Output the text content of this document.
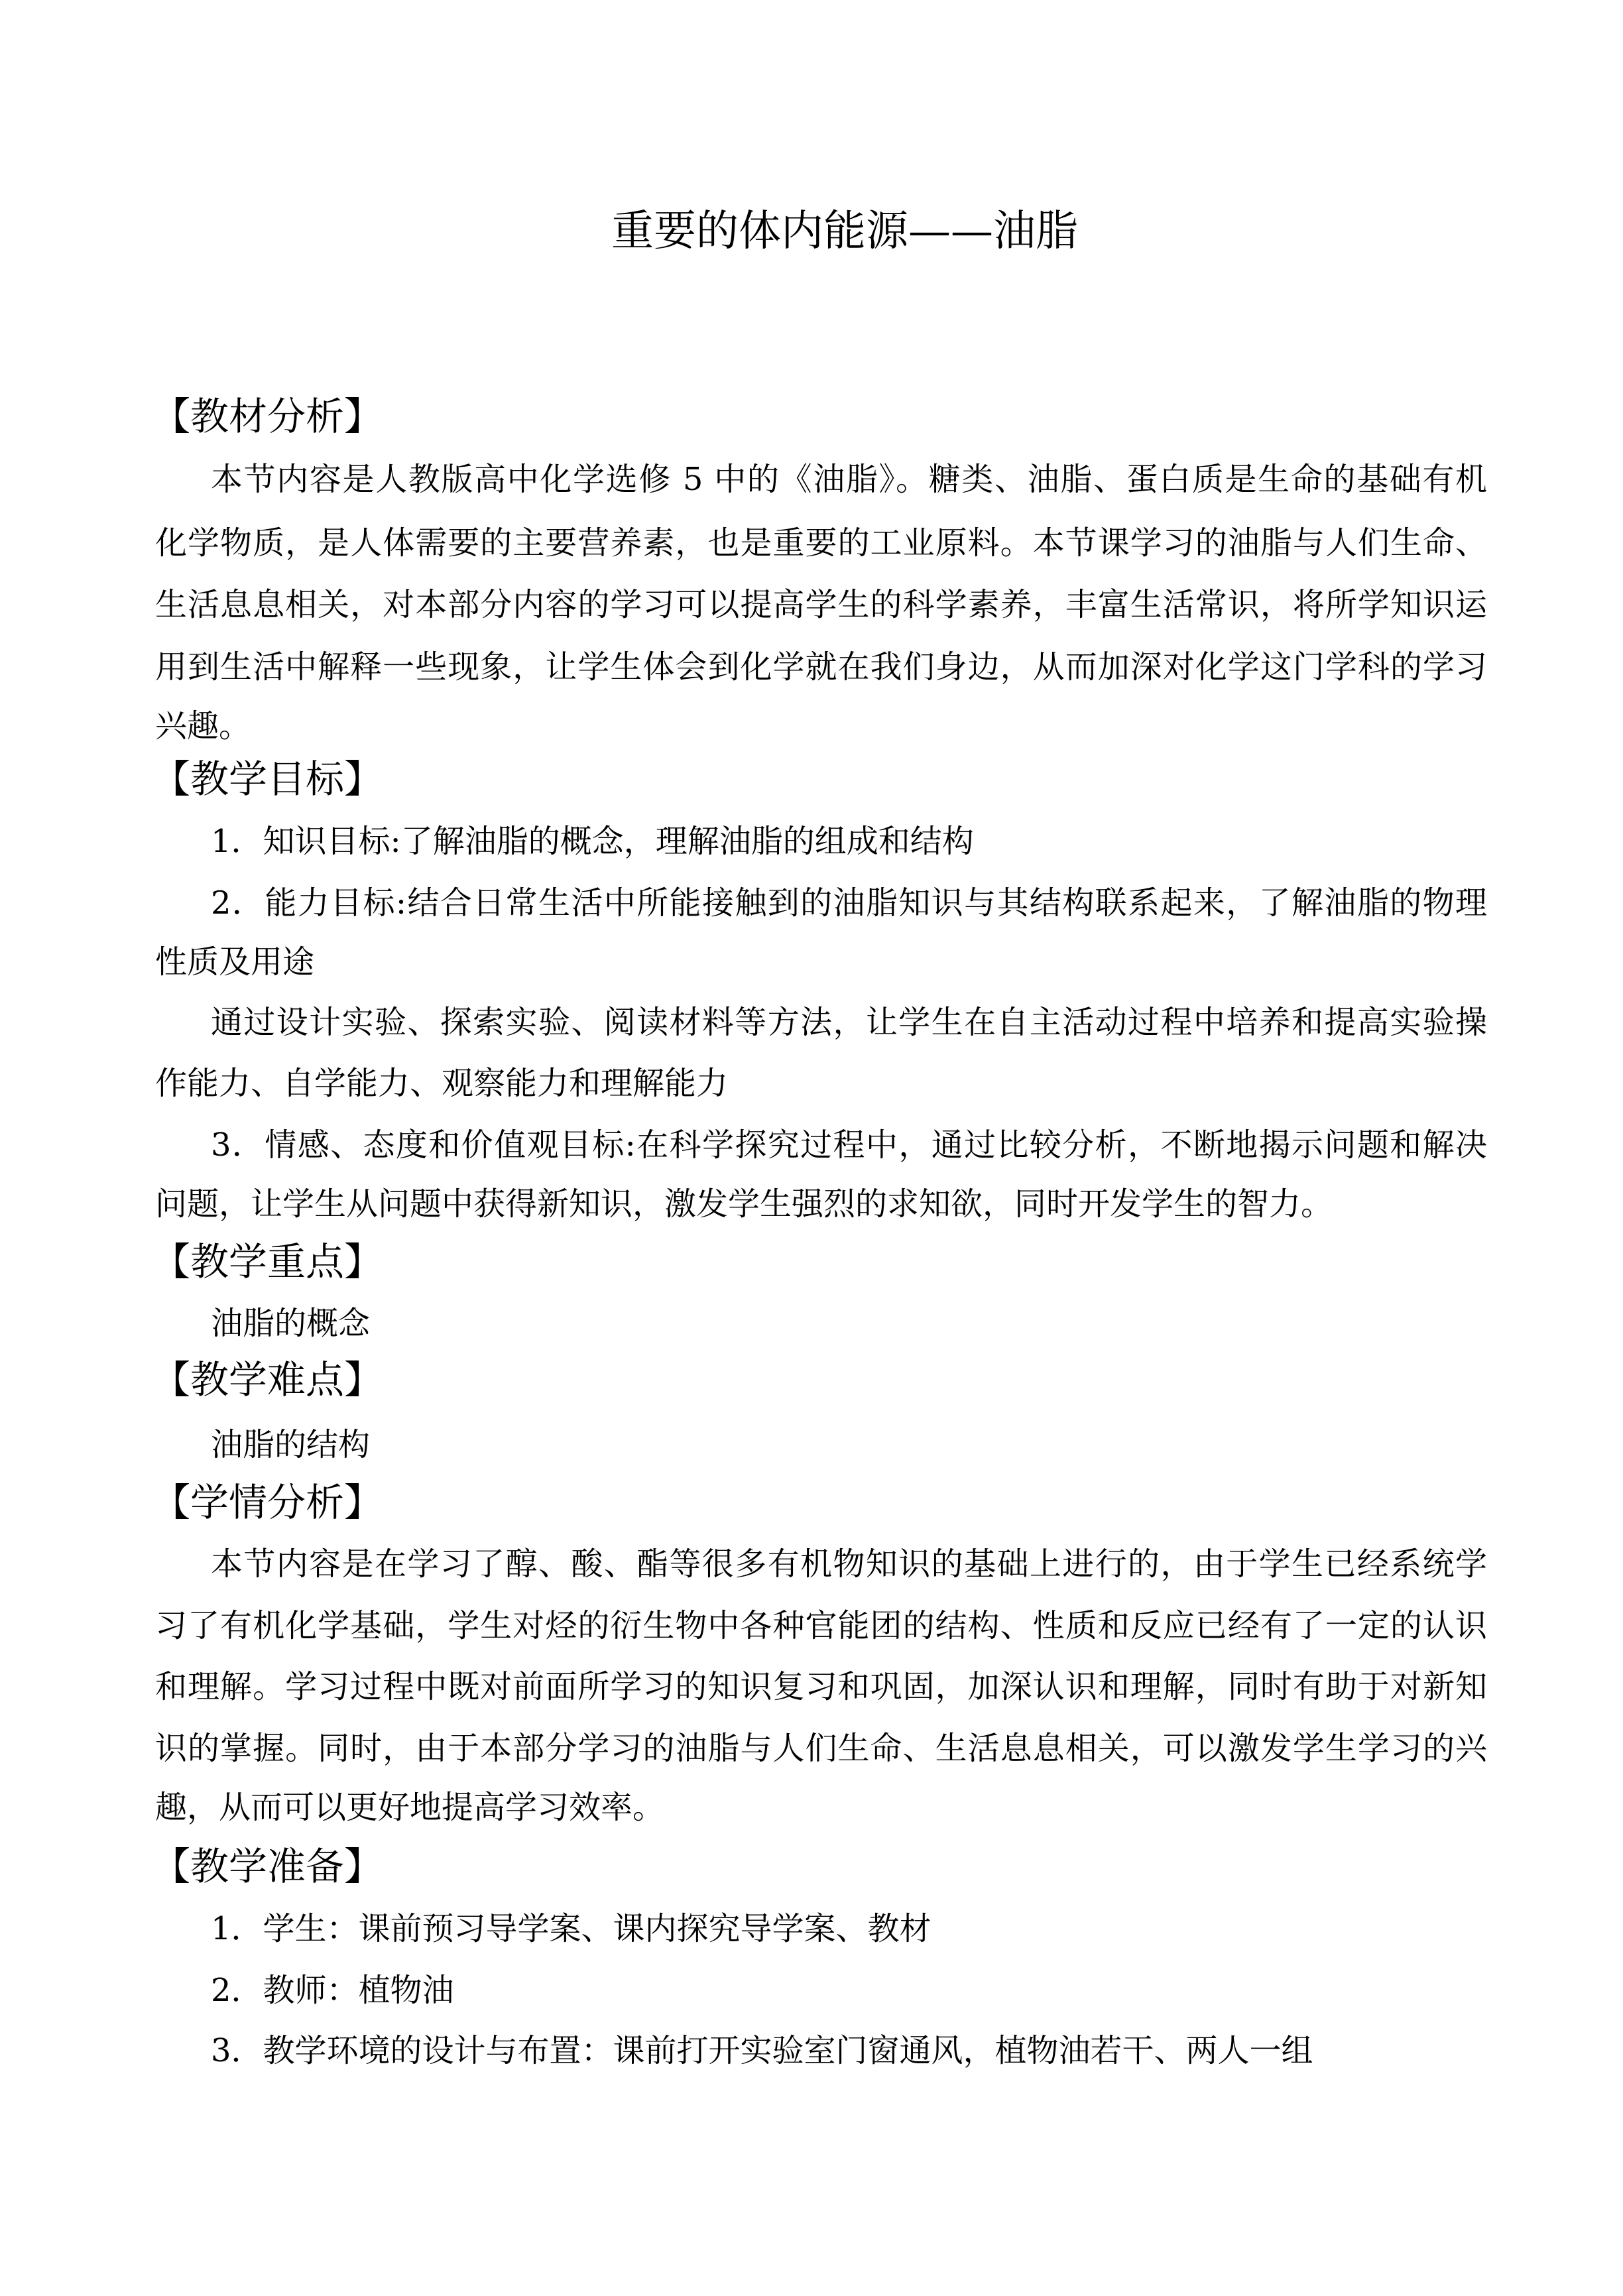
重要的体内能源——油脂
【教材分析】
本节内容是人教版高中化学选修 5 中的《油脂》。糖类、油脂、蛋白质是生命的基础有机
化学物质，是人体需要的主要营养素，也是重要的工业原料。本节课学习的油脂与人们生命、
生活息息相关，对本部分内容的学习可以提高学生的科学素养，丰富生活常识，将所学知识运
用到生活中解释一些现象，让学生体会到化学就在我们身边，从而加深对化学这门学科的学习
兴趣。
【教学目标】
1．知识目标:了解油脂的概念，理解油脂的组成和结构
2．能力目标:结合日常生活中所能接触到的油脂知识与其结构联系起来，了解油脂的物理
性质及用途
通过设计实验、探索实验、阅读材料等方法，让学生在自主活动过程中培养和提高实验操
作能力、自学能力、观察能力和理解能力
3．情感、态度和价值观目标:在科学探究过程中，通过比较分析，不断地揭示问题和解决
问题，让学生从问题中获得新知识，激发学生强烈的求知欲，同时开发学生的智力。
【教学重点】
油脂的概念
【教学难点】
油脂的结构
【学情分析】
本节内容是在学习了醇、酸、酯等很多有机物知识的基础上进行的，由于学生已经系统学
习了有机化学基础，学生对烃的衍生物中各种官能团的结构、性质和反应已经有了一定的认识
和理解。学习过程中既对前面所学习的知识复习和巩固，加深认识和理解，同时有助于对新知
识的掌握。同时，由于本部分学习的油脂与人们生命、生活息息相关，可以激发学生学习的兴
趣，从而可以更好地提高学习效率。
【教学准备】
1．学生：课前预习导学案、课内探究导学案、教材
2．教师：植物油
3．教学环境的设计与布置：课前打开实验室门窗通风，植物油若干、两人一组
